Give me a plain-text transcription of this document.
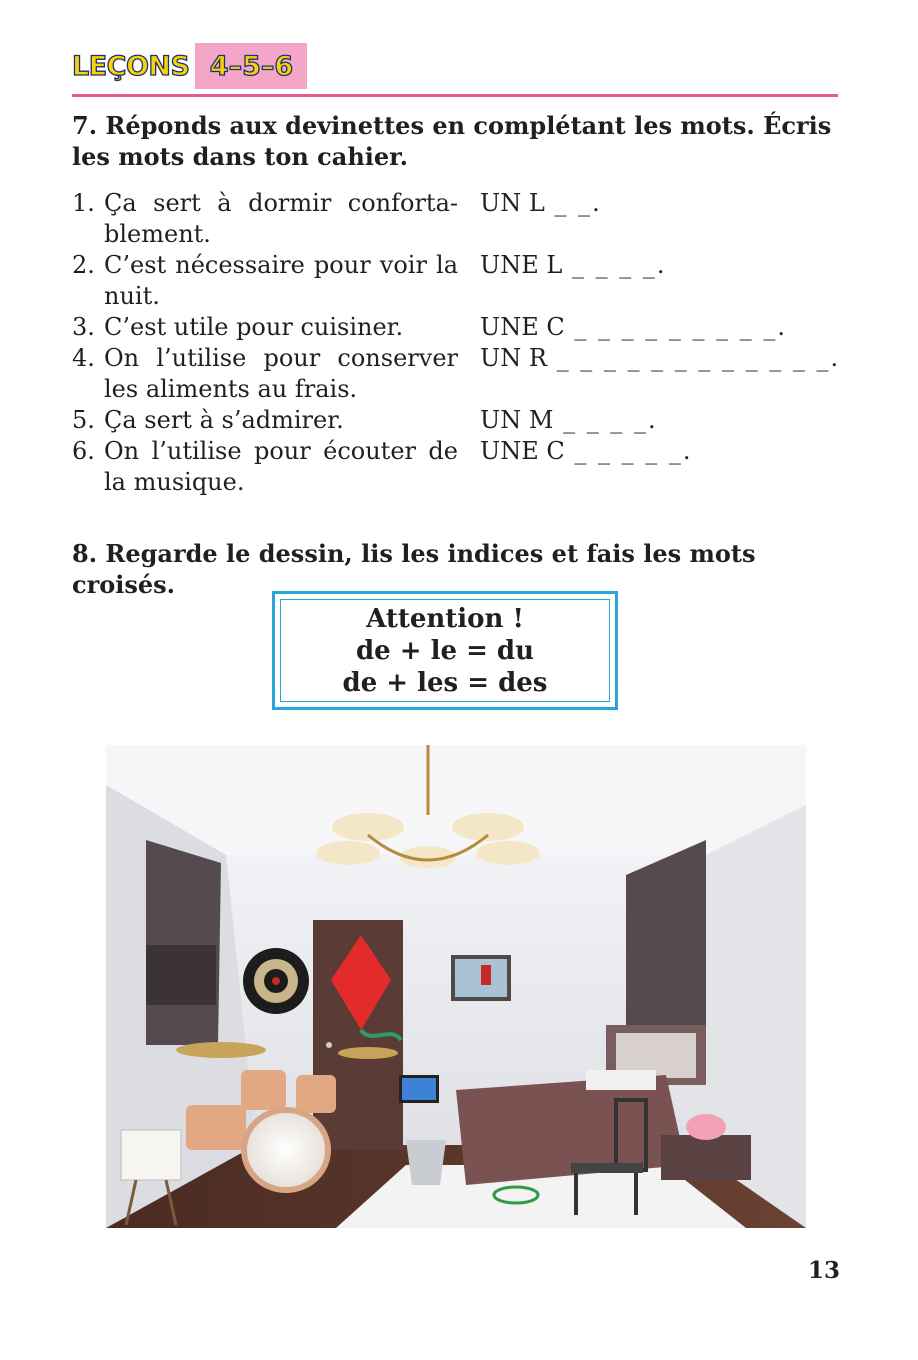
LEÇONS 4–5–6

7. Réponds aux devinettes en complétant les mots. Écris les mots dans ton cahier.

1. Ça sert à dormir conforta-blement.
UN L _ _.
2. C’est nécessaire pour voir la nuit.
UNE L _ _ _ _.
3. C’est utile pour cuisiner.	UNE C _ _ _ _ _ _ _ _ _.
4. On l’utilise pour conserver les aliments au frais.
UN R _ _ _ _ _ _ _ _ _ _ _ _.
5. Ça sert à s’admirer.	UN M _ _ _ _.
6. On l’utilise pour écouter de la musique.
UNE C _ _ _ _ _.

8. Regarde le dessin, lis les indices et fais les mots croisés.

Attention !
de + le = du
de + les = des
13
